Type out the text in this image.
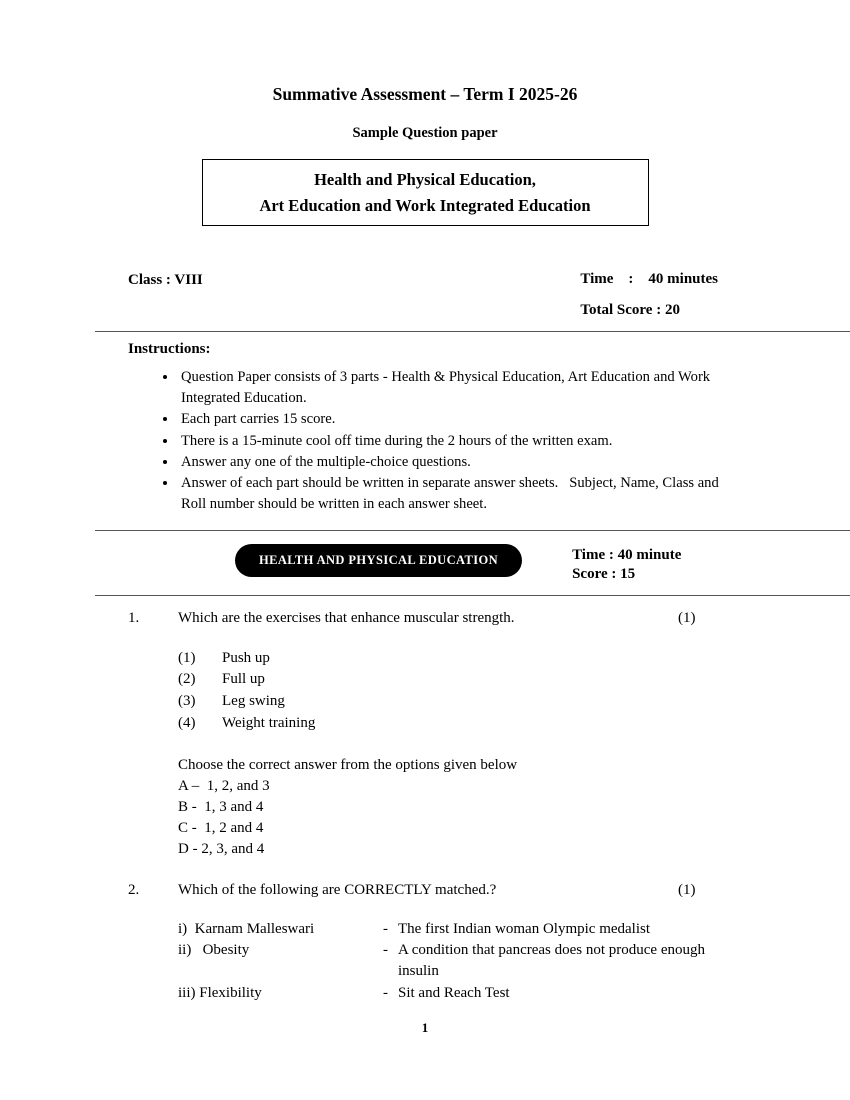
Summative Assessment – Term I 2025-26
Sample Question paper
Health and Physical Education,
Art Education and Work Integrated Education
Class : VIII	Time    :    40 minutes
Total Score : 20
Instructions:
• Question Paper consists of 3 parts - Health & Physical Education, Art Education and Work Integrated Education.
• Each part carries 15 score.
• There is a 15-minute cool off time during the 2 hours of the written exam.
• Answer any one of the multiple-choice questions.
• Answer of each part should be written in separate answer sheets.   Subject, Name, Class and Roll number should be written in each answer sheet.
HEALTH AND PHYSICAL EDUCATION	Time : 40 minute
Score : 15
1.	Which are the exercises that enhance muscular strength.	(1)
(1)	Push up
(2)	Full up
(3)	Leg swing
(4)	Weight training
Choose the correct answer from the options given below
A –  1, 2, and 3
B -  1, 3 and 4
C -  1, 2 and 4
D - 2, 3, and 4
2.	Which of the following are CORRECTLY matched.?	(1)
i)  Karnam Malleswari	- The first Indian woman Olympic medalist
ii)   Obesity	- A condition that pancreas does not produce enough insulin
iii) Flexibility	- Sit and Reach Test
1
